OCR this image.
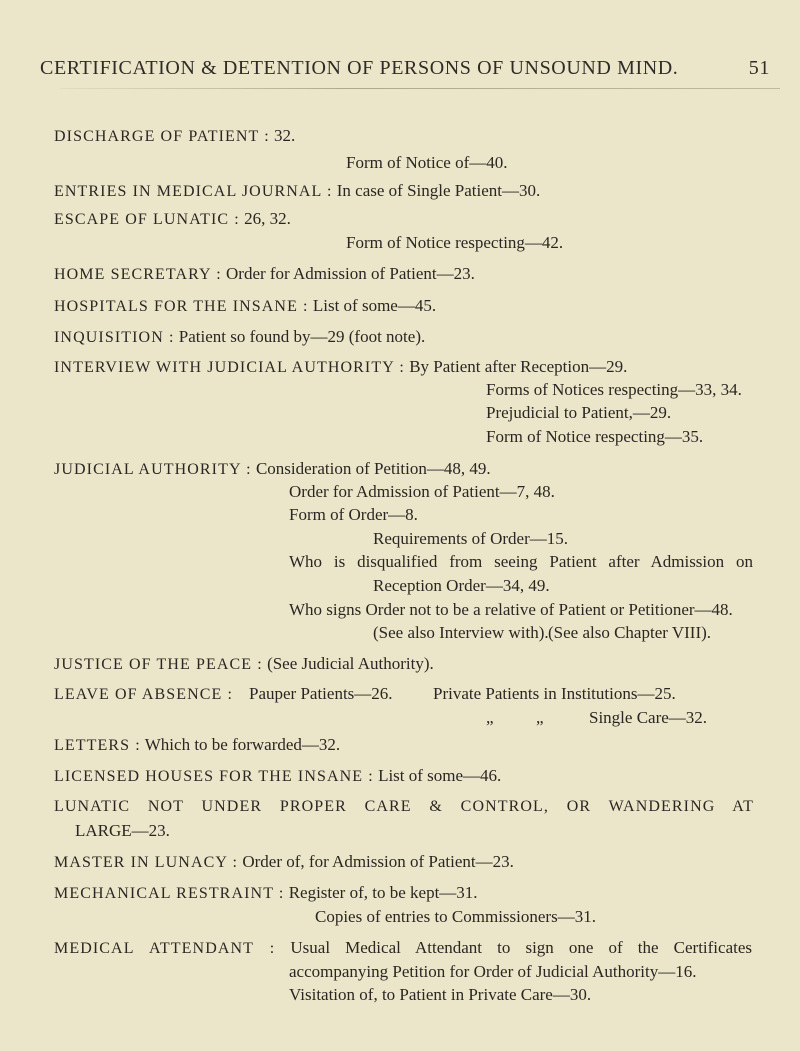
CERTIFICATION & DETENTION OF PERSONS OF UNSOUND MIND.	51
DISCHARGE OF PATIENT : 32.
Form of Notice of—40.
ENTRIES IN MEDICAL JOURNAL : In case of Single Patient—30.
ESCAPE OF LUNATIC : 26, 32.
Form of Notice respecting—42.
HOME SECRETARY : Order for Admission of Patient—23.
HOSPITALS FOR THE INSANE : List of some—45.
INQUISITION : Patient so found by—29 (foot note).
INTERVIEW WITH JUDICIAL AUTHORITY : By Patient after Reception—29.
Forms of Notices respecting—33, 34.
Prejudicial to Patient,—29.
Form of Notice respecting—35.
JUDICIAL AUTHORITY : Consideration of Petition—48, 49.
Order for Admission of Patient—7, 48.
Form of Order—8.
Requirements of Order—15.
Who is disqualified from seeing Patient after Admission on
Reception Order—34, 49.
Who signs Order not to be a relative of Patient or Petitioner—48.
(See also Interview with). (See also Chapter VIII).
JUSTICE OF THE PEACE : (See Judicial Authority).
LEAVE OF ABSENCE : Pauper Patients—26. Private Patients in Institutions—25.
„ „	Single Care—32.
LETTERS : Which to be forwarded—32.
LICENSED HOUSES FOR THE INSANE : List of some—46.
LUNATIC NOT UNDER PROPER CARE & CONTROL, OR WANDERING AT
LARGE—23.
MASTER IN LUNACY : Order of, for Admission of Patient—23.
MECHANICAL RESTRAINT : Register of, to be kept—31.
Copies of entries to Commissioners—31.
MEDICAL ATTENDANT : Usual Medical Attendant to sign one of the Certificates
accompanying Petition for Order of Judicial Authority—16.
Visitation of, to Patient in Private Care—30.
